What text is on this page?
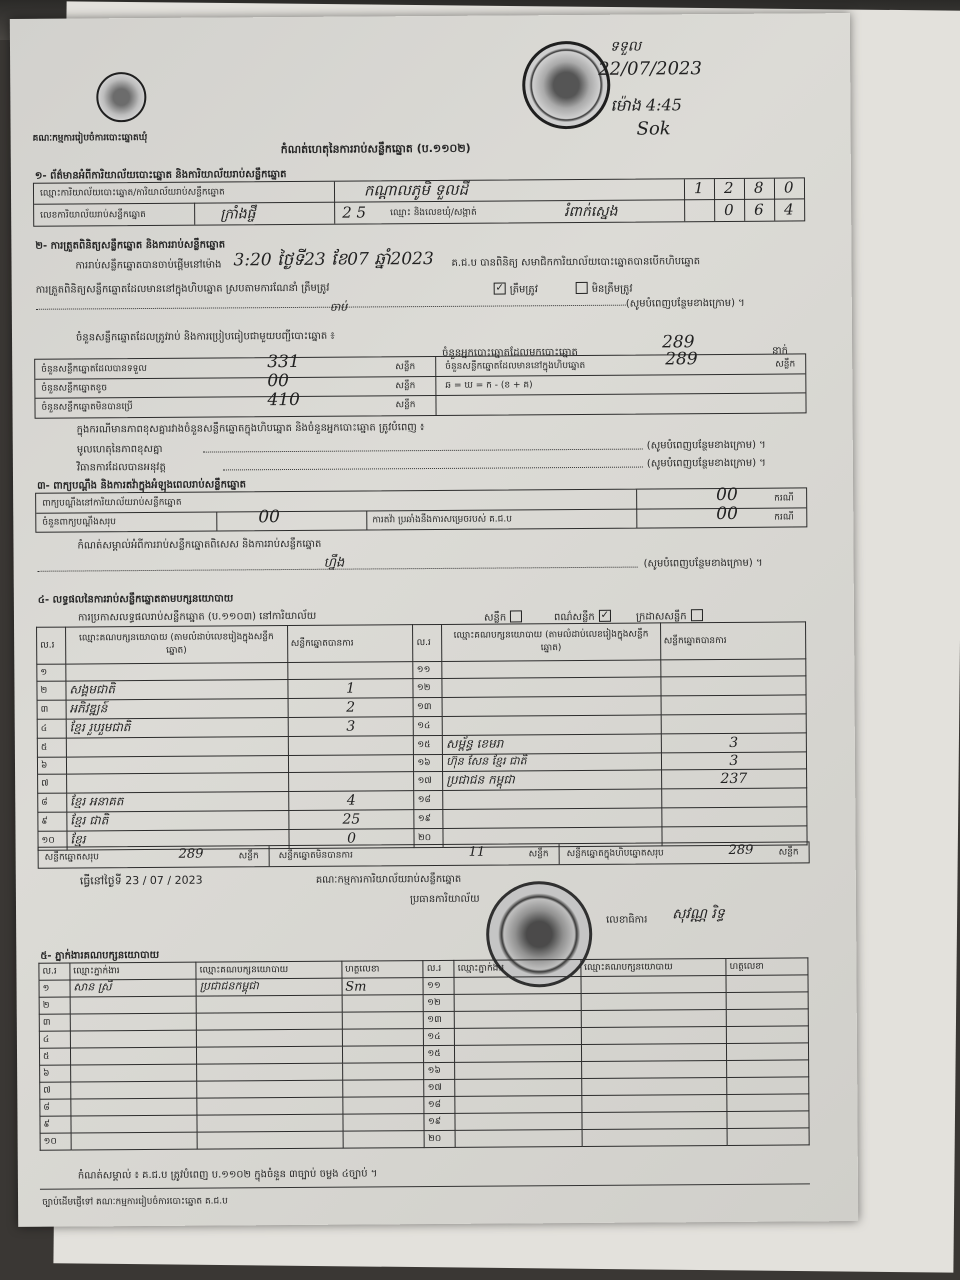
គណៈកម្មការរៀបចំការបោះឆ្នោតឃុំ
ទទួល
22/07/2023
ម៉ោង 4:45
Sok
កំណត់ហេតុនៃការរាប់សន្លឹកឆ្នោត (ប.១១០២)
១- ព័ត៌មានអំពីការិយាល័យបោះឆ្នោត និងការិយាល័យរាប់សន្លឹកឆ្នោត
ឈ្មោះការិយាល័យបោះឆ្នោត/ការិយាល័យរាប់សន្លឹកឆ្នោត	កណ្តាលភូមិ ទួលដី	1 2 8 0
លេខការិយាល័យរាប់សន្លឹកឆ្នោត	ក្រាំងផ្ចឹ	2 5	ឈ្មោះ និងលេខឃុំ/សង្កាត់	រំពាក់ស្នេង	0 6 4
២- ការត្រួតពិនិត្យសន្លឹកឆ្នោត និងការរាប់សន្លឹកឆ្នោត
ការរាប់សន្លឹកឆ្នោតបានចាប់ផ្តើមនៅម៉ោង 3:20 ថ្ងៃទី23 ខែ07 ឆ្នាំ2023 គ.ជ.ប បានពិនិត្យ សមាជិកការិយាល័យបោះឆ្នោតបានបើកហិបឆ្នោត
ការត្រួតពិនិត្យសន្លឹកឆ្នោតដែលមាននៅក្នុងហិបឆ្នោត ស្របតាមការណែនាំ ត្រឹមត្រូវ	✓ ត្រឹមត្រូវ	មិនត្រឹមត្រូវ
(សូមបំពេញបន្ថែមខាងក្រោម) ។
ចាប់
ចំនួនសន្លឹកឆ្នោតដែលត្រូវរាប់ និងការប្រៀបធៀបជាមួយបញ្ជីបោះឆ្នោត ៖
ចំនួនអ្នកបោះឆ្នោតដែលមកបោះឆ្នោត
289	នាក់
ចំនួនសន្លឹកឆ្នោតដែលបានទទួល	331	សន្លឹក	ចំនួនសន្លឹកឆ្នោតដែលមាននៅក្នុងហិបឆ្នោត	289	សន្លឹក
ចំនួនសន្លឹកឆ្នោតខូច	00	សន្លឹក	ឆ = ឃ = ក - (ខ + គ)
ចំនួនសន្លឹកឆ្នោតមិនបានប្រើ	410	សន្លឹក
ក្នុងករណីមានភាពខុសគ្នារវាងចំនួនសន្លឹកឆ្នោតក្នុងហិបឆ្នោត និងចំនួនអ្នកបោះឆ្នោត ត្រូវបំពេញ ៖
មូលហេតុនៃភាពខុសគ្នា	(សូមបំពេញបន្ថែមខាងក្រោម) ។
វិធានការដែលបានអនុវត្ត	(សូមបំពេញបន្ថែមខាងក្រោម) ។
៣- ពាក្យបណ្តឹង និងការតវ៉ាក្នុងអំឡុងពេលរាប់សន្លឹកឆ្នោត
ពាក្យបណ្តឹងនៅការិយាល័យរាប់សន្លឹកឆ្នោត	00	ករណី
ចំនួនពាក្យបណ្តឹងសរុប	00	ការតវ៉ា ប្រឆាំងនឹងការសម្រេចរបស់ គ.ជ.ប	00	ករណី
កំណត់សម្គាល់អំពីការរាប់សន្លឹកឆ្នោតពិសេស និងការរាប់សន្លឹកឆ្នោត
ហ្នឹង	(សូមបំពេញបន្ថែមខាងក្រោម) ។
៤- លទ្ធផលនៃការរាប់សន្លឹកឆ្នោតតាមបក្សនយោបាយ
ការប្រកាសលទ្ធផលរាប់សន្លឹកឆ្នោត (ប.១១០៣) នៅការិយាល័យ	សន្លឹក	ពណ៌សន្លឹក ✓	ក្រដាសសន្លឹក
ល.រ	ឈ្មោះគណបក្សនយោបាយ (តាមលំដាប់លេខរៀងក្នុងសន្លឹកឆ្នោត)	សន្លឹកឆ្នោតបានការ	ល.រ	ឈ្មោះគណបក្សនយោបាយ (តាមលំដាប់លេខរៀងក្នុងសន្លឹកឆ្នោត)	សន្លឹកឆ្នោតបានការ
១			១១		
២	សង្គមជាតិ	1	១២		
៣	អភិវឌ្ឍន៍	2	១៣		
៤	ខ្មែរ រួបរួមជាតិ	3	១៤		
៥			១៥	សម្ព័ន្ធ ខេមរា	3
៦			១៦	ហ៊ុន សែន ខ្មែរ ជាតិ	3
៧			១៧	ប្រជាជន កម្ពុជា	237
៨	ខ្មែរ អនាគត	4	១៨		
៩	ខ្មែរ ជាតិ	25	១៩		
១០	ខ្មែរ	0	២០		
សន្លឹកឆ្នោតសរុប	289	សន្លឹក សន្លឹកឆ្នោតមិនបានការ	11	សន្លឹក សន្លឹកឆ្នោតក្នុងហិបឆ្នោតសរុប	289	សន្លឹក
ធ្វើនៅថ្ងៃទី 23 / 07 / 2023	គណៈកម្មការការិយាល័យរាប់សន្លឹកឆ្នោត
ប្រធានការិយាល័យ
លេខាធិការ សុវណ្ណ រិទ្ធ
៥- ភ្នាក់ងារគណបក្សនយោបាយ
ល.រ	ឈ្មោះភ្នាក់ងារ	ឈ្មោះគណបក្សនយោបាយ	ហត្ថលេខា	ល.រ	ឈ្មោះភ្នាក់ងារ	ឈ្មោះគណបក្សនយោបាយ	ហត្ថលេខា
១	សាន ស្រី	ប្រជាជនកម្ពុជា	Sm	១១			
២				១២			
៣				១៣			
៤				១៤			
៥				១៥			
៦				១៦			
៧				១៧			
៨				១៨			
៩				១៩			
១០				២០			
កំណត់សម្គាល់ ៖ គ.ជ.ប ត្រូវបំពេញ ប.១១០២ ក្នុងចំនួន ៣ច្បាប់ ចម្លង ៤ច្បាប់ ។
ច្បាប់ដើមផ្ញើទៅ គណៈកម្មការរៀបចំការបោះឆ្នោត គ.ជ.ប
